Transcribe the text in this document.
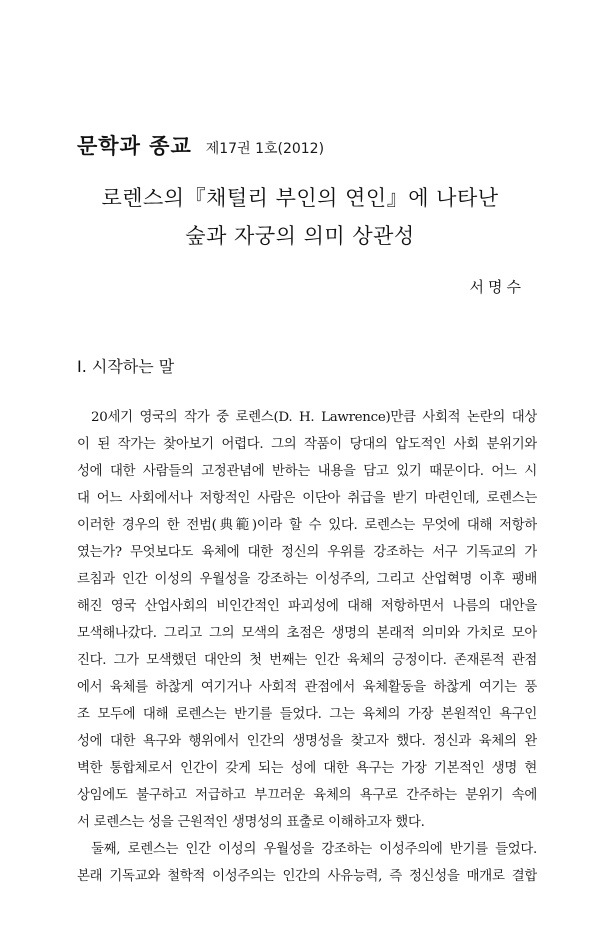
문학과 종교 제17권 1호(2012)
로렌스의『채털리 부인의 연인』에 나타난
숲과 자궁의 의미 상관성
서명수
Ⅰ. 시작하는 말
20세기 영국의 작가 중 로렌스(D. H. Lawrence)만큼 사회적 논란의 대상
이 된 작가는 찾아보기 어렵다. 그의 작품이 당대의 압도적인 사회 분위기와
성에 대한 사람들의 고정관념에 반하는 내용을 담고 있기 때문이다. 어느 시
대 어느 사회에서나 저항적인 사람은 이단아 취급을 받기 마련인데, 로렌스는
이러한 경우의 한 전범(典範)이라 할 수 있다. 로렌스는 무엇에 대해 저항하
였는가? 무엇보다도 육체에 대한 정신의 우위를 강조하는 서구 기독교의 가
르침과 인간 이성의 우월성을 강조하는 이성주의, 그리고 산업혁명 이후 팽배
해진 영국 산업사회의 비인간적인 파괴성에 대해 저항하면서 나름의 대안을
모색해나갔다. 그리고 그의 모색의 초점은 생명의 본래적 의미와 가치로 모아
진다. 그가 모색했던 대안의 첫 번째는 인간 육체의 긍정이다. 존재론적 관점
에서 육체를 하찮게 여기거나 사회적 관점에서 육체활동을 하찮게 여기는 풍
조 모두에 대해 로렌스는 반기를 들었다. 그는 육체의 가장 본원적인 욕구인
성에 대한 욕구와 행위에서 인간의 생명성을 찾고자 했다. 정신과 육체의 완
벽한 통합체로서 인간이 갖게 되는 성에 대한 욕구는 가장 기본적인 생명 현
상임에도 불구하고 저급하고 부끄러운 육체의 욕구로 간주하는 분위기 속에
서 로렌스는 성을 근원적인 생명성의 표출로 이해하고자 했다.
둘째, 로렌스는 인간 이성의 우월성을 강조하는 이성주의에 반기를 들었다.
본래 기독교와 철학적 이성주의는 인간의 사유능력, 즉 정신성을 매개로 결합
